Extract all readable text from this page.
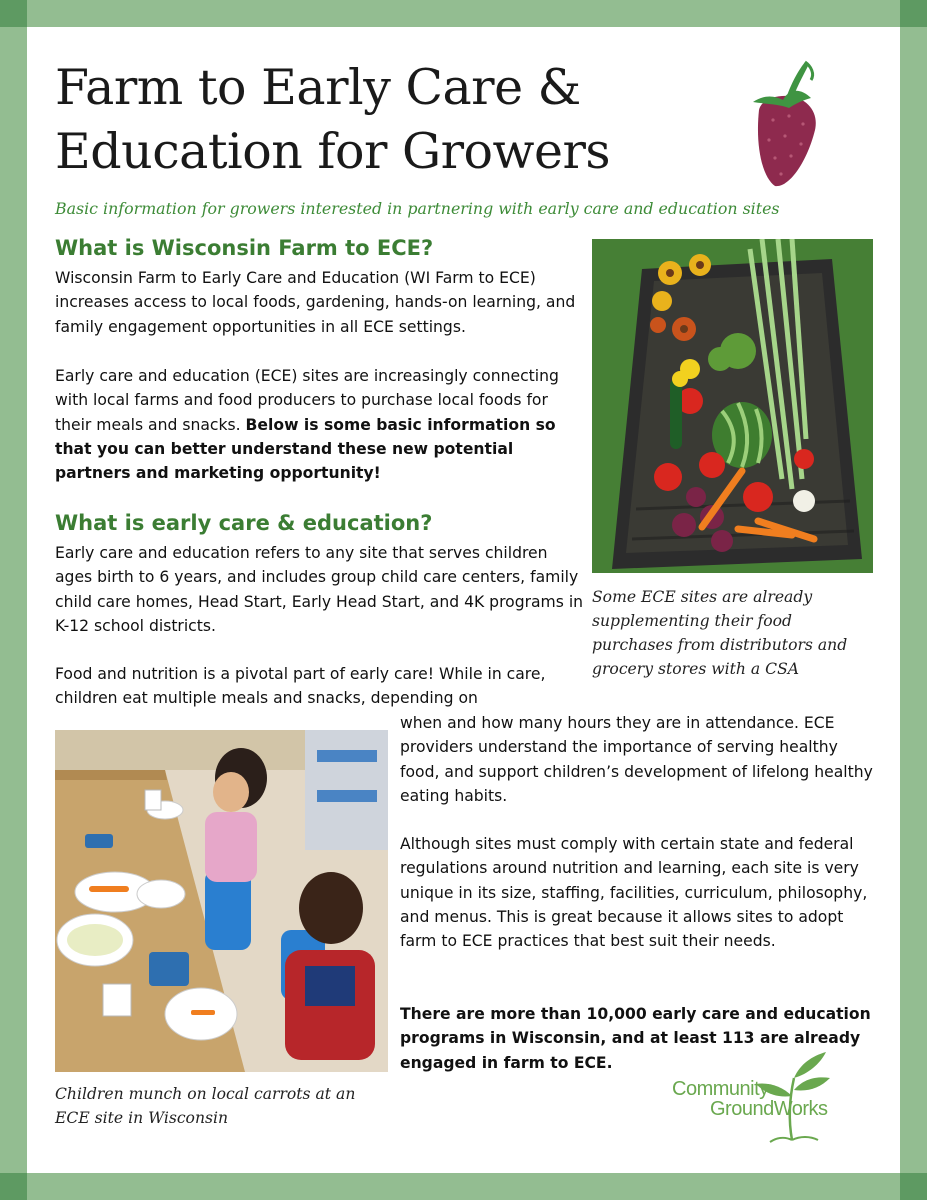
Farm to Early Care & Education for Growers
Basic information for growers interested in partnering with early care and education sites
What is Wisconsin Farm to ECE?

Wisconsin Farm to Early Care and Education (WI Farm to ECE) increases access to local foods, gardening, hands-on learning, and family engagement opportunities in all ECE settings.

Early care and education (ECE) sites are increasingly connecting with local farms and food producers to purchase local foods for their meals and snacks. Below is some basic information so that you can better understand these new potential partners and marketing opportunity!

Some ECE sites are already supplementing their food purchases from distributors and grocery stores with a CSA
What is early care & education?

Early care and education refers to any site that serves children ages birth to 6 years, and includes group child care centers, family child care homes, Head Start, Early Head Start, and 4K programs in K-12 school districts.

Food and nutrition is a pivotal part of early care! While in care, children eat multiple meals and snacks, depending on

when and how many hours they are in attendance. ECE providers understand the importance of serving healthy food, and support children’s development of lifelong healthy eating habits.

Although sites must comply with certain state and federal regulations around nutrition and learning, each site is very unique in its size, staffing, facilities, curriculum, philosophy, and menus. This is great because it allows sites to adopt farm to ECE practices that best suit their needs.

There are more than 10,000 early care and education programs in Wisconsin, and at least 113 are already engaged in farm to ECE.

Children munch on local carrots at an ECE site in Wisconsin
Community
GroundWorks
